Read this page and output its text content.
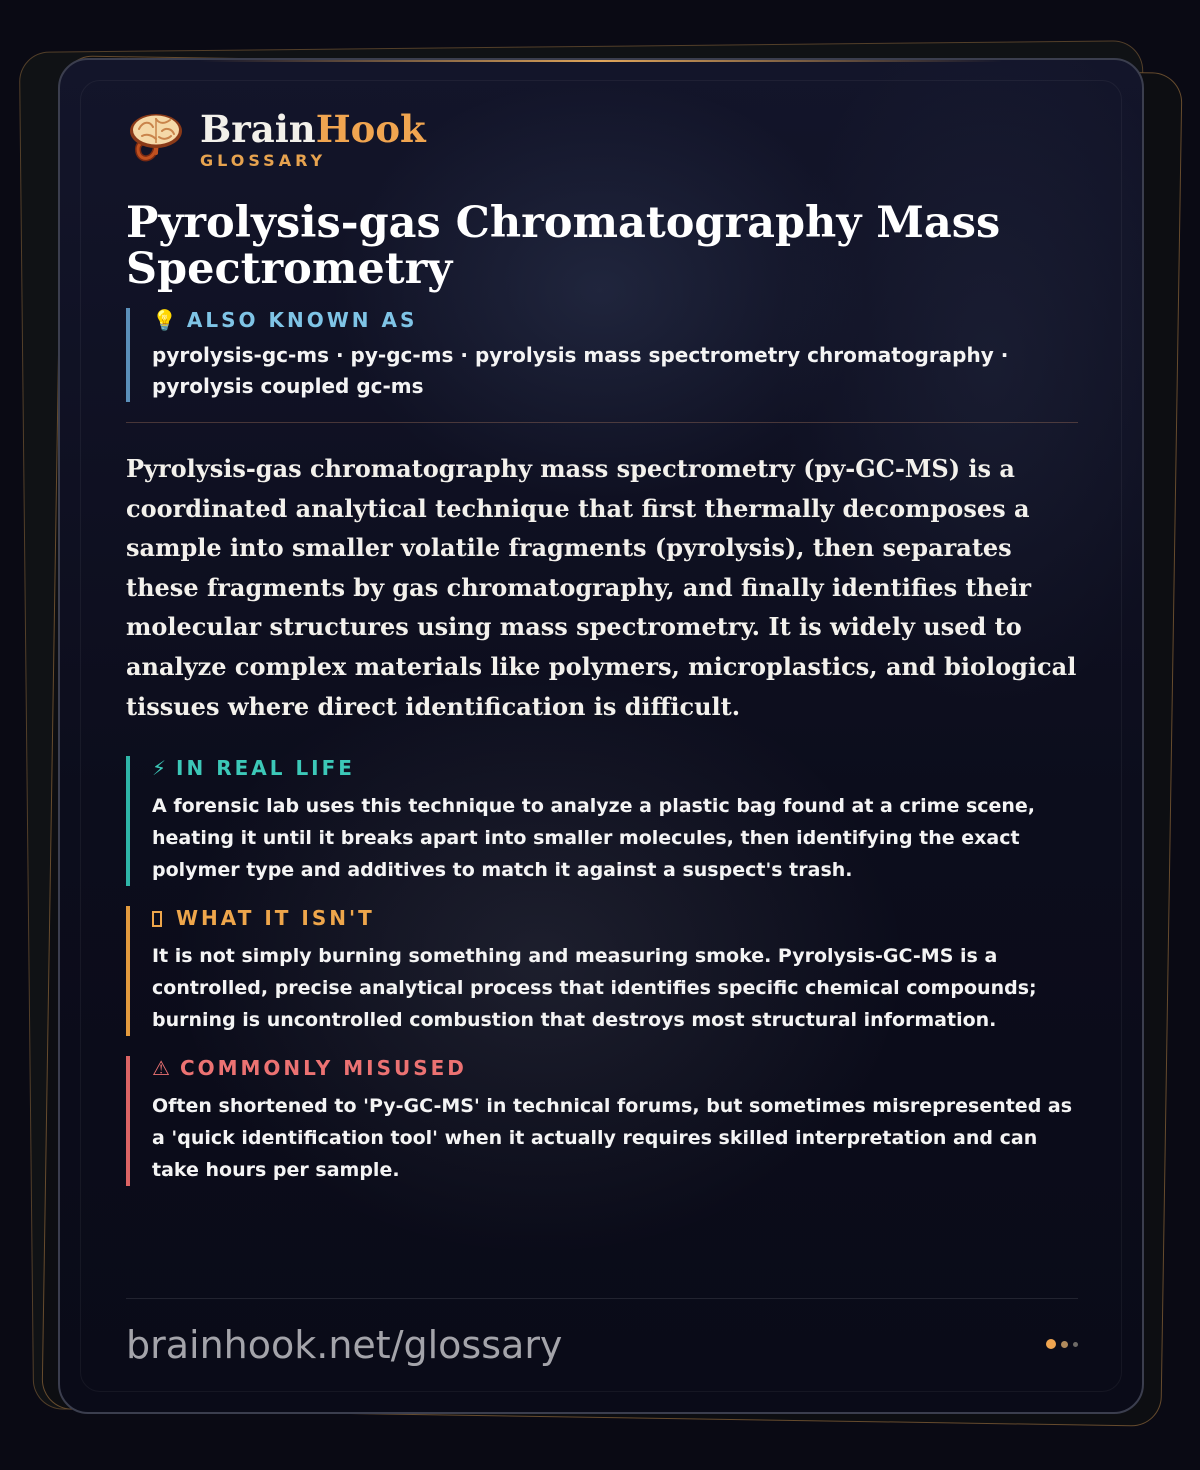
BrainHook
GLOSSARY
Pyrolysis-gas Chromatography Mass Spectrometry
💡 ALSO KNOWN AS
pyrolysis-gc-ms · py-gc-ms · pyrolysis mass spectrometry chromatography · pyrolysis coupled gc-ms

Pyrolysis-gas chromatography mass spectrometry (py-GC-MS) is a coordinated analytical technique that first thermally decomposes a sample into smaller volatile fragments (pyrolysis), then separates these fragments by gas chromatography, and finally identifies their molecular structures using mass spectrometry. It is widely used to analyze complex materials like polymers, microplastics, and biological tissues where direct identification is difficult.

⚡ IN REAL LIFE
A forensic lab uses this technique to analyze a plastic bag found at a crime scene, heating it until it breaks apart into smaller molecules, then identifying the exact polymer type and additives to match it against a suspect's trash.
WHAT IT ISN'T
It is not simply burning something and measuring smoke. Pyrolysis-GC-MS is a controlled, precise analytical process that identifies specific chemical compounds; burning is uncontrolled combustion that destroys most structural information.
⚠ COMMONLY MISUSED
Often shortened to 'Py-GC-MS' in technical forums, but sometimes misrepresented as a 'quick identification tool' when it actually requires skilled interpretation and can take hours per sample.
brainhook.net/glossary
